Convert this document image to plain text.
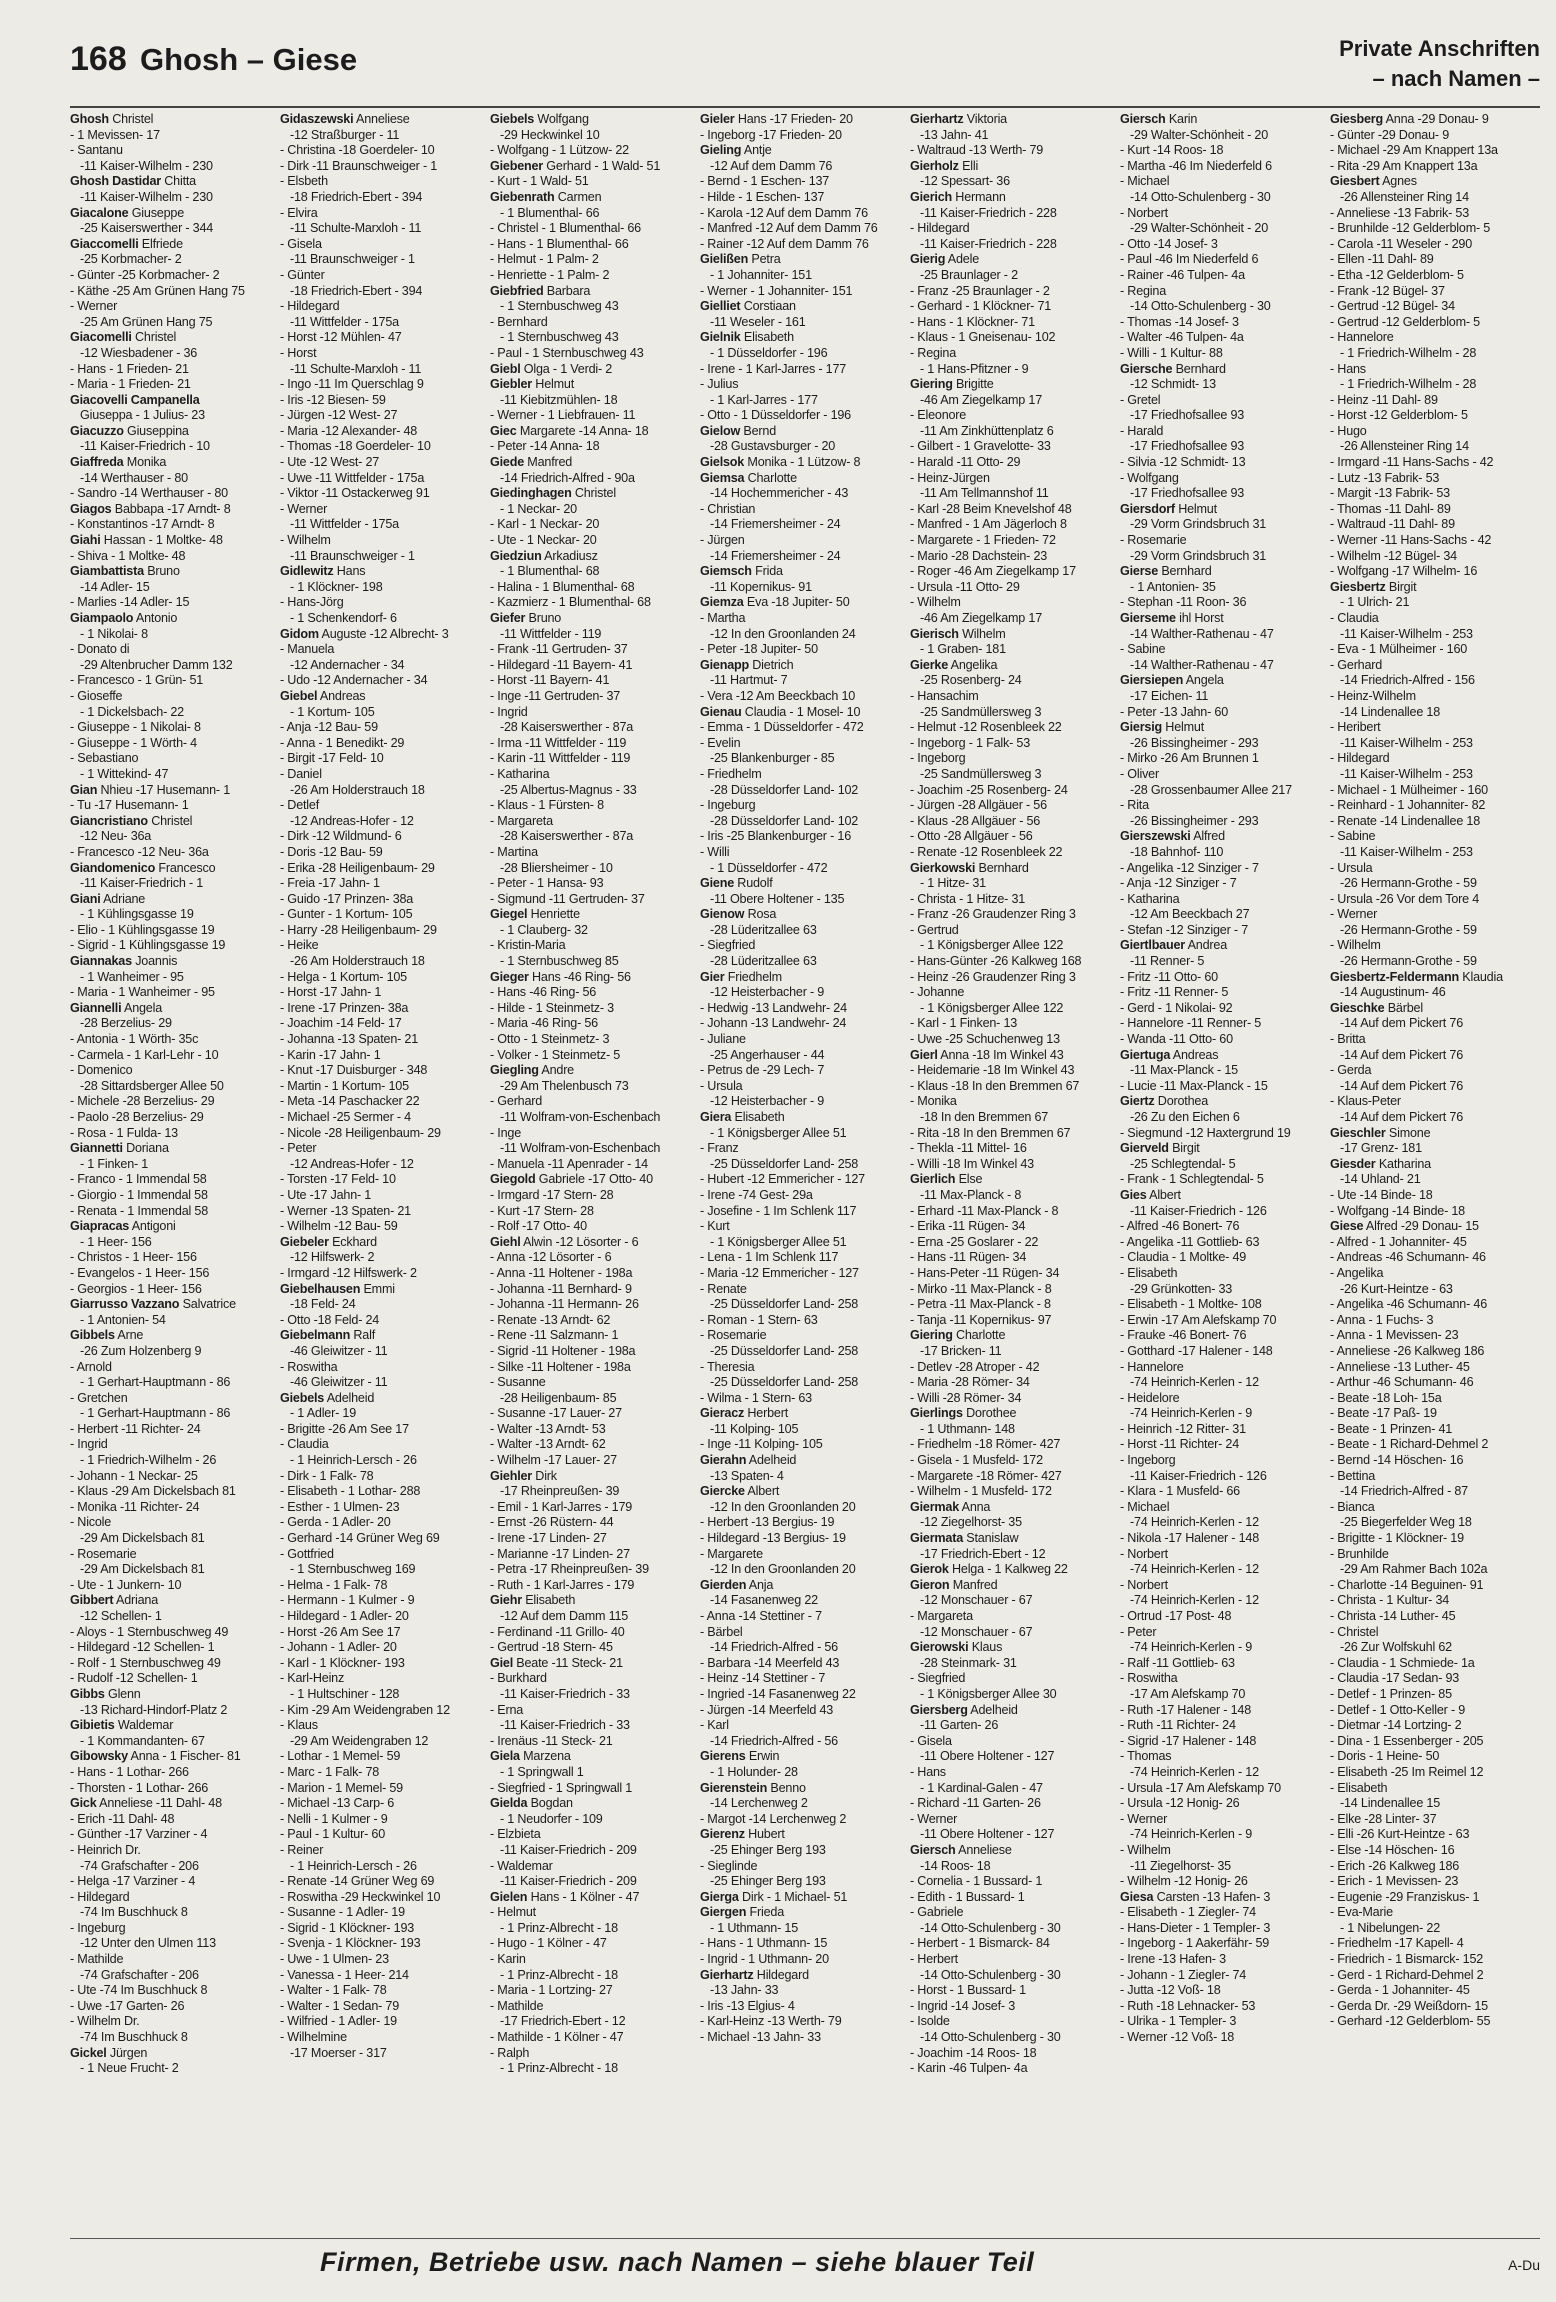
168 Ghosh – Giese	Private Anschriften
– nach Namen –
Ghosh Christel
- 1 Mevissen- 17
- Santanu
-11 Kaiser-Wilhelm - 230
Ghosh Dastidar Chitta
-11 Kaiser-Wilhelm - 230
Giacalone Giuseppe
-25 Kaiserswerther - 344
Giaccomelli Elfriede
-25 Korbmacher- 2
- Günter -25 Korbmacher- 2
- Käthe -25 Am Grünen Hang 75
- Werner
-25 Am Grünen Hang 75
Giacomelli Christel
-12 Wiesbadener - 36
- Hans - 1 Frieden- 21
- Maria - 1 Frieden- 21
Giacovelli Campanella
Giuseppa - 1 Julius- 23
Giacuzzo Giuseppina
-11 Kaiser-Friedrich - 10
Giaffreda Monika
-14 Werthauser - 80
- Sandro -14 Werthauser - 80
Giagos Babbapa -17 Arndt- 8
- Konstantinos -17 Arndt- 8
Giahi Hassan - 1 Moltke- 48
- Shiva - 1 Moltke- 48
Giambattista Bruno
-14 Adler- 15
- Marlies -14 Adler- 15
Giampaolo Antonio
- 1 Nikolai- 8
- Donato di
-29 Altenbrucher Damm 132
- Francesco - 1 Grün- 51
- Gioseffe
- 1 Dickelsbach- 22
- Giuseppe - 1 Nikolai- 8
- Giuseppe - 1 Wörth- 4
- Sebastiano
- 1 Wittekind- 47
Gian Nhieu -17 Husemann- 1
- Tu -17 Husemann- 1
Giancristiano Christel
-12 Neu- 36a
- Francesco -12 Neu- 36a
Giandomenico Francesco
-11 Kaiser-Friedrich - 1
Giani Adriane
- 1 Kühlingsgasse 19
- Elio - 1 Kühlingsgasse 19
- Sigrid - 1 Kühlingsgasse 19
Giannakas Joannis
- 1 Wanheimer - 95
- Maria - 1 Wanheimer - 95
Giannelli Angela
-28 Berzelius- 29
- Antonia - 1 Wörth- 35c
- Carmela - 1 Karl-Lehr - 10
- Domenico
-28 Sittardsberger Allee 50
- Michele -28 Berzelius- 29
- Paolo -28 Berzelius- 29
- Rosa - 1 Fulda- 13
Giannetti Doriana
- 1 Finken- 1
- Franco - 1 Immendal 58
- Giorgio - 1 Immendal 58
- Renata - 1 Immendal 58
Giapracas Antigoni
- 1 Heer- 156
- Christos - 1 Heer- 156
- Evangelos - 1 Heer- 156
- Georgios - 1 Heer- 156
Giarrusso Vazzano Salvatrice
- 1 Antonien- 54
Gibbels Arne
-26 Zum Holzenberg 9
- Arnold
- 1 Gerhart-Hauptmann - 86
- Gretchen
- 1 Gerhart-Hauptmann - 86
- Herbert -11 Richter- 24
- Ingrid
- 1 Friedrich-Wilhelm - 26
- Johann - 1 Neckar- 25
- Klaus -29 Am Dickelsbach 81
- Monika -11 Richter- 24
- Nicole
-29 Am Dickelsbach 81
- Rosemarie
-29 Am Dickelsbach 81
- Ute - 1 Junkern- 10
Gibbert Adriana
-12 Schellen- 1
- Aloys - 1 Sternbuschweg 49
- Hildegard -12 Schellen- 1
- Rolf - 1 Sternbuschweg 49
- Rudolf -12 Schellen- 1
Gibbs Glenn
-13 Richard-Hindorf-Platz 2
Gibietis Waldemar
- 1 Kommandanten- 67
Gibowsky Anna - 1 Fischer- 81
- Hans - 1 Lothar- 266
- Thorsten - 1 Lothar- 266
Gick Anneliese -11 Dahl- 48
- Erich -11 Dahl- 48
- Günther -17 Varziner - 4
- Heinrich Dr.
-74 Grafschafter - 206
- Helga -17 Varziner - 4
- Hildegard
-74 Im Buschhuck 8
- Ingeburg
-12 Unter den Ulmen 113
- Mathilde
-74 Grafschafter - 206
- Ute -74 Im Buschhuck 8
- Uwe -17 Garten- 26
- Wilhelm Dr.
-74 Im Buschhuck 8
Gickel Jürgen
- 1 Neue Frucht- 2
Gidaszewski Anneliese
-12 Straßburger - 11
- Christina -18 Goerdeler- 10
- Dirk -11 Braunschweiger - 1
- Elsbeth
-18 Friedrich-Ebert - 394
- Elvira
-11 Schulte-Marxloh - 11
- Gisela
-11 Braunschweiger - 1
- Günter
-18 Friedrich-Ebert - 394
- Hildegard
-11 Wittfelder - 175a
- Horst -12 Mühlen- 47
- Horst
-11 Schulte-Marxloh - 11
- Ingo -11 Im Querschlag 9
- Iris -12 Biesen- 59
- Jürgen -12 West- 27
- Maria -12 Alexander- 48
- Thomas -18 Goerdeler- 10
- Ute -12 West- 27
- Uwe -11 Wittfelder - 175a
- Viktor -11 Ostackerweg 91
- Werner
-11 Wittfelder - 175a
- Wilhelm
-11 Braunschweiger - 1
Gidlewitz Hans
- 1 Klöckner- 198
- Hans-Jörg
- 1 Schenkendorf- 6
Gidom Auguste -12 Albrecht- 3
- Manuela
-12 Andernacher - 34
- Udo -12 Andernacher - 34
Giebel Andreas
- 1 Kortum- 105
- Anja -12 Bau- 59
- Anna - 1 Benedikt- 29
- Birgit -17 Feld- 10
- Daniel
-26 Am Holderstrauch 18
- Detlef
-12 Andreas-Hofer - 12
- Dirk -12 Wildmund- 6
- Doris -12 Bau- 59
- Erika -28 Heiligenbaum- 29
- Freia -17 Jahn- 1
- Guido -17 Prinzen- 38a
- Gunter - 1 Kortum- 105
- Harry -28 Heiligenbaum- 29
- Heike
-26 Am Holderstrauch 18
- Helga - 1 Kortum- 105
- Horst -17 Jahn- 1
- Irene -17 Prinzen- 38a
- Joachim -14 Feld- 17
- Johanna -13 Spaten- 21
- Karin -17 Jahn- 1
- Knut -17 Duisburger - 348
- Martin - 1 Kortum- 105
- Meta -14 Paschacker 22
- Michael -25 Sermer - 4
- Nicole -28 Heiligenbaum- 29
- Peter
-12 Andreas-Hofer - 12
- Torsten -17 Feld- 10
- Ute -17 Jahn- 1
- Werner -13 Spaten- 21
- Wilhelm -12 Bau- 59
Giebeler Eckhard
-12 Hilfswerk- 2
- Irmgard -12 Hilfswerk- 2
Giebelhausen Emmi
-18 Feld- 24
- Otto -18 Feld- 24
Giebelmann Ralf
-46 Gleiwitzer - 11
- Roswitha
-46 Gleiwitzer - 11
Giebels Adelheid
- 1 Adler- 19
- Brigitte -26 Am See 17
- Claudia
- 1 Heinrich-Lersch - 26
- Dirk - 1 Falk- 78
- Elisabeth - 1 Lothar- 288
- Esther - 1 Ulmen- 23
- Gerda - 1 Adler- 20
- Gerhard -14 Grüner Weg 69
- Gottfried
- 1 Sternbuschweg 169
- Helma - 1 Falk- 78
- Hermann - 1 Kulmer - 9
- Hildegard - 1 Adler- 20
- Horst -26 Am See 17
- Johann - 1 Adler- 20
- Karl - 1 Klöckner- 193
- Karl-Heinz
- 1 Hultschiner - 128
- Kim -29 Am Weidengraben 12
- Klaus
-29 Am Weidengraben 12
- Lothar - 1 Memel- 59
- Marc - 1 Falk- 78
- Marion - 1 Memel- 59
- Michael -13 Carp- 6
- Nelli - 1 Kulmer - 9
- Paul - 1 Kultur- 60
- Reiner
- 1 Heinrich-Lersch - 26
- Renate -14 Grüner Weg 69
- Roswitha -29 Heckwinkel 10
- Susanne - 1 Adler- 19
- Sigrid - 1 Klöckner- 193
- Svenja - 1 Klöckner- 193
- Uwe - 1 Ulmen- 23
- Vanessa - 1 Heer- 214
- Walter - 1 Falk- 78
- Walter - 1 Sedan- 79
- Wilfried - 1 Adler- 19
- Wilhelmine
-17 Moerser - 317
Giebels Wolfgang
-29 Heckwinkel 10
- Wolfgang - 1 Lützow- 22
Giebener Gerhard - 1 Wald- 51
- Kurt - 1 Wald- 51
Giebenrath Carmen
- 1 Blumenthal- 66
- Christel - 1 Blumenthal- 66
- Hans - 1 Blumenthal- 66
- Helmut - 1 Palm- 2
- Henriette - 1 Palm- 2
Giebfried Barbara
- 1 Sternbuschweg 43
- Bernhard
- 1 Sternbuschweg 43
- Paul - 1 Sternbuschweg 43
Giebl Olga - 1 Verdi- 2
Giebler Helmut
-11 Kiebitzmühlen- 18
- Werner - 1 Liebfrauen- 11
Giec Margarete -14 Anna- 18
- Peter -14 Anna- 18
Giede Manfred
-14 Friedrich-Alfred - 90a
Giedinghagen Christel
- 1 Neckar- 20
- Karl - 1 Neckar- 20
- Ute - 1 Neckar- 20
Giedziun Arkadiusz
- 1 Blumenthal- 68
- Halina - 1 Blumenthal- 68
- Kazmierz - 1 Blumenthal- 68
Giefer Bruno
-11 Wittfelder - 119
- Frank -11 Gertruden- 37
- Hildegard -11 Bayern- 41
- Horst -11 Bayern- 41
- Inge -11 Gertruden- 37
- Ingrid
-28 Kaiserswerther - 87a
- Irma -11 Wittfelder - 119
- Karin -11 Wittfelder - 119
- Katharina
-25 Albertus-Magnus - 33
- Klaus - 1 Fürsten- 8
- Margareta
-28 Kaiserswerther - 87a
- Martina
-28 Bliersheimer - 10
- Peter - 1 Hansa- 93
- Sigmund -11 Gertruden- 37
Giegel Henriette
- 1 Clauberg- 32
- Kristin-Maria
- 1 Sternbuschweg 85
Gieger Hans -46 Ring- 56
- Hans -46 Ring- 56
- Hilde - 1 Steinmetz- 3
- Maria -46 Ring- 56
- Otto - 1 Steinmetz- 3
- Volker - 1 Steinmetz- 5
Giegling Andre
-29 Am Thelenbusch 73
- Gerhard
-11 Wolfram-von-Eschenbach
- Inge
-11 Wolfram-von-Eschenbach
- Manuela -11 Apenrader - 14
Giegold Gabriele -17 Otto- 40
- Irmgard -17 Stern- 28
- Kurt -17 Stern- 28
- Rolf -17 Otto- 40
Giehl Alwin -12 Lösorter - 6
- Anna -12 Lösorter - 6
- Anna -11 Holtener - 198a
- Johanna -11 Bernhard- 9
- Johanna -11 Hermann- 26
- Renate -13 Arndt- 62
- Rene -11 Salzmann- 1
- Sigrid -11 Holtener - 198a
- Silke -11 Holtener - 198a
- Susanne
-28 Heiligenbaum- 85
- Susanne -17 Lauer- 27
- Walter -13 Arndt- 53
- Walter -13 Arndt- 62
- Wilhelm -17 Lauer- 27
Giehler Dirk
-17 Rheinpreußen- 39
- Emil - 1 Karl-Jarres - 179
- Ernst -26 Rüstern- 44
- Irene -17 Linden- 27
- Marianne -17 Linden- 27
- Petra -17 Rheinpreußen- 39
- Ruth - 1 Karl-Jarres - 179
Giehr Elisabeth
-12 Auf dem Damm 115
- Ferdinand -11 Grillo- 40
- Gertrud -18 Stern- 45
Giel Beate -11 Steck- 21
- Burkhard
-11 Kaiser-Friedrich - 33
- Erna
-11 Kaiser-Friedrich - 33
- Irenäus -11 Steck- 21
Giela Marzena
- 1 Springwall 1
- Siegfried - 1 Springwall 1
Gielda Bogdan
- 1 Neudorfer - 109
- Elzbieta
-11 Kaiser-Friedrich - 209
- Waldemar
-11 Kaiser-Friedrich - 209
Gielen Hans - 1 Kölner - 47
- Helmut
- 1 Prinz-Albrecht - 18
- Hugo - 1 Kölner - 47
- Karin
- 1 Prinz-Albrecht - 18
- Maria - 1 Lortzing- 27
- Mathilde
-17 Friedrich-Ebert - 12
- Mathilde - 1 Kölner - 47
- Ralph
- 1 Prinz-Albrecht - 18
Gieler Hans -17 Frieden- 20
- Ingeborg -17 Frieden- 20
Gieling Antje
-12 Auf dem Damm 76
- Bernd - 1 Eschen- 137
- Hilde - 1 Eschen- 137
- Karola -12 Auf dem Damm 76
- Manfred -12 Auf dem Damm 76
- Rainer -12 Auf dem Damm 76
Gielißen Petra
- 1 Johanniter- 151
- Werner - 1 Johanniter- 151
Gielliet Corstiaan
-11 Weseler - 161
Gielnik Elisabeth
- 1 Düsseldorfer - 196
- Irene - 1 Karl-Jarres - 177
- Julius
- 1 Karl-Jarres - 177
- Otto - 1 Düsseldorfer - 196
Gielow Bernd
-28 Gustavsburger - 20
Gielsok Monika - 1 Lützow- 8
Giemsa Charlotte
-14 Hochemmericher - 43
- Christian
-14 Friemersheimer - 24
- Jürgen
-14 Friemersheimer - 24
Giemsch Frida
-11 Kopernikus- 91
Giemza Eva -18 Jupiter- 50
- Martha
-12 In den Groonlanden 24
- Peter -18 Jupiter- 50
Gienapp Dietrich
-11 Hartmut- 7
- Vera -12 Am Beeckbach 10
Gienau Claudia - 1 Mosel- 10
- Emma - 1 Düsseldorfer - 472
- Evelin
-25 Blankenburger - 85
- Friedhelm
-28 Düsseldorfer Land- 102
- Ingeburg
-28 Düsseldorfer Land- 102
- Iris -25 Blankenburger - 16
- Willi
- 1 Düsseldorfer - 472
Giene Rudolf
-11 Obere Holtener - 135
Gienow Rosa
-28 Lüderitzallee 63
- Siegfried
-28 Lüderitzallee 63
Gier Friedhelm
-12 Heisterbacher - 9
- Hedwig -13 Landwehr- 24
- Johann -13 Landwehr- 24
- Juliane
-25 Angerhauser - 44
- Petrus de -29 Lech- 7
- Ursula
-12 Heisterbacher - 9
Giera Elisabeth
- 1 Königsberger Allee 51
- Franz
-25 Düsseldorfer Land- 258
- Hubert -12 Emmericher - 127
- Irene -74 Gest- 29a
- Josefine - 1 Im Schlenk 117
- Kurt
- 1 Königsberger Allee 51
- Lena - 1 Im Schlenk 117
- Maria -12 Emmericher - 127
- Renate
-25 Düsseldorfer Land- 258
- Roman - 1 Stern- 63
- Rosemarie
-25 Düsseldorfer Land- 258
- Theresia
-25 Düsseldorfer Land- 258
- Wilma - 1 Stern- 63
Gieracz Herbert
-11 Kolping- 105
- Inge -11 Kolping- 105
Gierahn Adelheid
-13 Spaten- 4
Giercke Albert
-12 In den Groonlanden 20
- Herbert -13 Bergius- 19
- Hildegard -13 Bergius- 19
- Margarete
-12 In den Groonlanden 20
Gierden Anja
-14 Fasanenweg 22
- Anna -14 Stettiner - 7
- Bärbel
-14 Friedrich-Alfred - 56
- Barbara -14 Meerfeld 43
- Heinz -14 Stettiner - 7
- Ingried -14 Fasanenweg 22
- Jürgen -14 Meerfeld 43
- Karl
-14 Friedrich-Alfred - 56
Gierens Erwin
- 1 Holunder- 28
Gierenstein Benno
-14 Lerchenweg 2
- Margot -14 Lerchenweg 2
Gierenz Hubert
-25 Ehinger Berg 193
- Sieglinde
-25 Ehinger Berg 193
Gierga Dirk - 1 Michael- 51
Giergen Frieda
- 1 Uthmann- 15
- Hans - 1 Uthmann- 15
- Ingrid - 1 Uthmann- 20
Gierhartz Hildegard
-13 Jahn- 33
- Iris -13 Elgius- 4
- Karl-Heinz -13 Werth- 79
- Michael -13 Jahn- 33
Gierhartz Viktoria
-13 Jahn- 41
- Waltraud -13 Werth- 79
Gierholz Elli
-12 Spessart- 36
Gierich Hermann
-11 Kaiser-Friedrich - 228
- Hildegard
-11 Kaiser-Friedrich - 228
Gierig Adele
-25 Braunlager - 2
- Franz -25 Braunlager - 2
- Gerhard - 1 Klöckner- 71
- Hans - 1 Klöckner- 71
- Klaus - 1 Gneisenau- 102
- Regina
- 1 Hans-Pfitzner - 9
Giering Brigitte
-46 Am Ziegelkamp 17
- Eleonore
-11 Am Zinkhüttenplatz 6
- Gilbert - 1 Gravelotte- 33
- Harald -11 Otto- 29
- Heinz-Jürgen
-11 Am Tellmannshof 11
- Karl -28 Beim Knevelshof 48
- Manfred - 1 Am Jägerloch 8
- Margarete - 1 Frieden- 72
- Mario -28 Dachstein- 23
- Roger -46 Am Ziegelkamp 17
- Ursula -11 Otto- 29
- Wilhelm
-46 Am Ziegelkamp 17
Gierisch Wilhelm
- 1 Graben- 181
Gierke Angelika
-25 Rosenberg- 24
- Hansachim
-25 Sandmüllersweg 3
- Helmut -12 Rosenbleek 22
- Ingeborg - 1 Falk- 53
- Ingeborg
-25 Sandmüllersweg 3
- Joachim -25 Rosenberg- 24
- Jürgen -28 Allgäuer - 56
- Klaus -28 Allgäuer - 56
- Otto -28 Allgäuer - 56
- Renate -12 Rosenbleek 22
Gierkowski Bernhard
- 1 Hitze- 31
- Christa - 1 Hitze- 31
- Franz -26 Graudenzer Ring 3
- Gertrud
- 1 Königsberger Allee 122
- Hans-Günter -26 Kalkweg 168
- Heinz -26 Graudenzer Ring 3
- Johanne
- 1 Königsberger Allee 122
- Karl - 1 Finken- 13
- Uwe -25 Schuchenweg 13
Gierl Anna -18 Im Winkel 43
- Heidemarie -18 Im Winkel 43
- Klaus -18 In den Bremmen 67
- Monika
-18 In den Bremmen 67
- Rita -18 In den Bremmen 67
- Thekla -11 Mittel- 16
- Willi -18 Im Winkel 43
Gierlich Else
-11 Max-Planck - 8
- Erhard -11 Max-Planck - 8
- Erika -11 Rügen- 34
- Erna -25 Goslarer - 22
- Hans -11 Rügen- 34
- Hans-Peter -11 Rügen- 34
- Mirko -11 Max-Planck - 8
- Petra -11 Max-Planck - 8
- Tanja -11 Kopernikus- 97
Giering Charlotte
-17 Bricken- 11
- Detlev -28 Atroper - 42
- Maria -28 Römer- 34
- Willi -28 Römer- 34
Gierlings Dorothee
- 1 Uthmann- 148
- Friedhelm -18 Römer- 427
- Gisela - 1 Musfeld- 172
- Margarete -18 Römer- 427
- Wilhelm - 1 Musfeld- 172
Giermak Anna
-12 Ziegelhorst- 35
Giermata Stanislaw
-17 Friedrich-Ebert - 12
Gierok Helga - 1 Kalkweg 22
Gieron Manfred
-12 Monschauer - 67
- Margareta
-12 Monschauer - 67
Gierowski Klaus
-28 Steinmark- 31
- Siegfried
- 1 Königsberger Allee 30
Giersberg Adelheid
-11 Garten- 26
- Gisela
-11 Obere Holtener - 127
- Hans
- 1 Kardinal-Galen - 47
- Richard -11 Garten- 26
- Werner
-11 Obere Holtener - 127
Giersch Anneliese
-14 Roos- 18
- Cornelia - 1 Bussard- 1
- Edith - 1 Bussard- 1
- Gabriele
-14 Otto-Schulenberg - 30
- Herbert - 1 Bismarck- 84
- Herbert
-14 Otto-Schulenberg - 30
- Horst - 1 Bussard- 1
- Ingrid -14 Josef- 3
- Isolde
-14 Otto-Schulenberg - 30
- Joachim -14 Roos- 18
- Karin -46 Tulpen- 4a
Giersch Karin
-29 Walter-Schönheit - 20
- Kurt -14 Roos- 18
- Martha -46 Im Niederfeld 6
- Michael
-14 Otto-Schulenberg - 30
- Norbert
-29 Walter-Schönheit - 20
- Otto -14 Josef- 3
- Paul -46 Im Niederfeld 6
- Rainer -46 Tulpen- 4a
- Regina
-14 Otto-Schulenberg - 30
- Thomas -14 Josef- 3
- Walter -46 Tulpen- 4a
- Willi - 1 Kultur- 88
Giersche Bernhard
-12 Schmidt- 13
- Gretel
-17 Friedhofsallee 93
- Harald
-17 Friedhofsallee 93
- Silvia -12 Schmidt- 13
- Wolfgang
-17 Friedhofsallee 93
Giersdorf Helmut
-29 Vorm Grindsbruch 31
- Rosemarie
-29 Vorm Grindsbruch 31
Gierse Bernhard
- 1 Antonien- 35
- Stephan -11 Roon- 36
Gierseme ihl Horst
-14 Walther-Rathenau - 47
- Sabine
-14 Walther-Rathenau - 47
Giersiepen Angela
-17 Eichen- 11
- Peter -13 Jahn- 60
Giersig Helmut
-26 Bissingheimer - 293
- Mirko -26 Am Brunnen 1
- Oliver
-28 Grossenbaumer Allee 217
- Rita
-26 Bissingheimer - 293
Gierszewski Alfred
-18 Bahnhof- 110
- Angelika -12 Sinziger - 7
- Anja -12 Sinziger - 7
- Katharina
-12 Am Beeckbach 27
- Stefan -12 Sinziger - 7
Giertlbauer Andrea
-11 Renner- 5
- Fritz -11 Otto- 60
- Fritz -11 Renner- 5
- Gerd - 1 Nikolai- 92
- Hannelore -11 Renner- 5
- Wanda -11 Otto- 60
Giertuga Andreas
-11 Max-Planck - 15
- Lucie -11 Max-Planck - 15
Giertz Dorothea
-26 Zu den Eichen 6
- Siegmund -12 Haxtergrund 19
Gierveld Birgit
-25 Schlegtendal- 5
- Frank - 1 Schlegtendal- 5
Gies Albert
-11 Kaiser-Friedrich - 126
- Alfred -46 Bonert- 76
- Angelika -11 Gottlieb- 63
- Claudia - 1 Moltke- 49
- Elisabeth
-29 Grünkotten- 33
- Elisabeth - 1 Moltke- 108
- Erwin -17 Am Alefskamp 70
- Frauke -46 Bonert- 76
- Gotthard -17 Halener - 148
- Hannelore
-74 Heinrich-Kerlen - 12
- Heidelore
-74 Heinrich-Kerlen - 9
- Heinrich -12 Ritter- 31
- Horst -11 Richter- 24
- Ingeborg
-11 Kaiser-Friedrich - 126
- Klara - 1 Musfeld- 66
- Michael
-74 Heinrich-Kerlen - 12
- Nikola -17 Halener - 148
- Norbert
-74 Heinrich-Kerlen - 12
- Norbert
-74 Heinrich-Kerlen - 12
- Ortrud -17 Post- 48
- Peter
-74 Heinrich-Kerlen - 9
- Ralf -11 Gottlieb- 63
- Roswitha
-17 Am Alefskamp 70
- Ruth -17 Halener - 148
- Ruth -11 Richter- 24
- Sigrid -17 Halener - 148
- Thomas
-74 Heinrich-Kerlen - 12
- Ursula -17 Am Alefskamp 70
- Ursula -12 Honig- 26
- Werner
-74 Heinrich-Kerlen - 9
- Wilhelm
-11 Ziegelhorst- 35
- Wilhelm -12 Honig- 26
Giesa Carsten -13 Hafen- 3
- Elisabeth - 1 Ziegler- 74
- Hans-Dieter - 1 Templer- 3
- Ingeborg - 1 Aakerfähr- 59
- Irene -13 Hafen- 3
- Johann - 1 Ziegler- 74
- Jutta -12 Voß- 18
- Ruth -18 Lehnacker- 53
- Ulrika - 1 Templer- 3
- Werner -12 Voß- 18
Giesberg Anna -29 Donau- 9
- Günter -29 Donau- 9
- Michael -29 Am Knappert 13a
- Rita -29 Am Knappert 13a
Giesbert Agnes
-26 Allensteiner Ring 14
- Anneliese -13 Fabrik- 53
- Brunhilde -12 Gelderblom- 5
- Carola -11 Weseler - 290
- Ellen -11 Dahl- 89
- Etha -12 Gelderblom- 5
- Frank -12 Bügel- 37
- Gertrud -12 Bügel- 34
- Gertrud -12 Gelderblom- 5
- Hannelore
- 1 Friedrich-Wilhelm - 28
- Hans
- 1 Friedrich-Wilhelm - 28
- Heinz -11 Dahl- 89
- Horst -12 Gelderblom- 5
- Hugo
-26 Allensteiner Ring 14
- Irmgard -11 Hans-Sachs - 42
- Lutz -13 Fabrik- 53
- Margit -13 Fabrik- 53
- Thomas -11 Dahl- 89
- Waltraud -11 Dahl- 89
- Werner -11 Hans-Sachs - 42
- Wilhelm -12 Bügel- 34
- Wolfgang -17 Wilhelm- 16
Giesbertz Birgit
- 1 Ulrich- 21
- Claudia
-11 Kaiser-Wilhelm - 253
- Eva - 1 Mülheimer - 160
- Gerhard
-14 Friedrich-Alfred - 156
- Heinz-Wilhelm
-14 Lindenallee 18
- Heribert
-11 Kaiser-Wilhelm - 253
- Hildegard
-11 Kaiser-Wilhelm - 253
- Michael - 1 Mülheimer - 160
- Reinhard - 1 Johanniter- 82
- Renate -14 Lindenallee 18
- Sabine
-11 Kaiser-Wilhelm - 253
- Ursula
-26 Hermann-Grothe - 59
- Ursula -26 Vor dem Tore 4
- Werner
-26 Hermann-Grothe - 59
- Wilhelm
-26 Hermann-Grothe - 59
Giesbertz-Feldermann Klaudia
-14 Augustinum- 46
Gieschke Bärbel
-14 Auf dem Pickert 76
- Britta
-14 Auf dem Pickert 76
- Gerda
-14 Auf dem Pickert 76
- Klaus-Peter
-14 Auf dem Pickert 76
Gieschler Simone
-17 Grenz- 181
Giesder Katharina
-14 Uhland- 21
- Ute -14 Binde- 18
- Wolfgang -14 Binde- 18
Giese Alfred -29 Donau- 15
- Alfred - 1 Johanniter- 45
- Andreas -46 Schumann- 46
- Angelika
-26 Kurt-Heintze - 63
- Angelika -46 Schumann- 46
- Anna - 1 Fuchs- 3
- Anna - 1 Mevissen- 23
- Anneliese -26 Kalkweg 186
- Anneliese -13 Luther- 45
- Arthur -46 Schumann- 46
- Beate -18 Loh- 15a
- Beate -17 Paß- 19
- Beate - 1 Prinzen- 41
- Beate - 1 Richard-Dehmel 2
- Bernd -14 Höschen- 16
- Bettina
-14 Friedrich-Alfred - 87
- Bianca
-25 Biegerfelder Weg 18
- Brigitte - 1 Klöckner- 19
- Brunhilde
-29 Am Rahmer Bach 102a
- Charlotte -14 Beguinen- 91
- Christa - 1 Kultur- 34
- Christa -14 Luther- 45
- Christel
-26 Zur Wolfskuhl 62
- Claudia - 1 Schmiede- 1a
- Claudia -17 Sedan- 93
- Detlef - 1 Prinzen- 85
- Detlef - 1 Otto-Keller - 9
- Dietmar -14 Lortzing- 2
- Dina - 1 Essenberger - 205
- Doris - 1 Heine- 50
- Elisabeth -25 Im Reimel 12
- Elisabeth
-14 Lindenallee 15
- Elke -28 Linter- 37
- Elli -26 Kurt-Heintze - 63
- Else -14 Höschen- 16
- Erich -26 Kalkweg 186
- Erich - 1 Mevissen- 23
- Eugenie -29 Franziskus- 1
- Eva-Marie
- 1 Nibelungen- 22
- Friedhelm -17 Kapell- 4
- Friedrich - 1 Bismarck- 152
- Gerd - 1 Richard-Dehmel 2
- Gerda - 1 Johanniter- 45
- Gerda Dr. -29 Weißdorn- 15
- Gerhard -12 Gelderblom- 55
Firmen, Betriebe usw. nach Namen – siehe blauer Teil	A-Du
